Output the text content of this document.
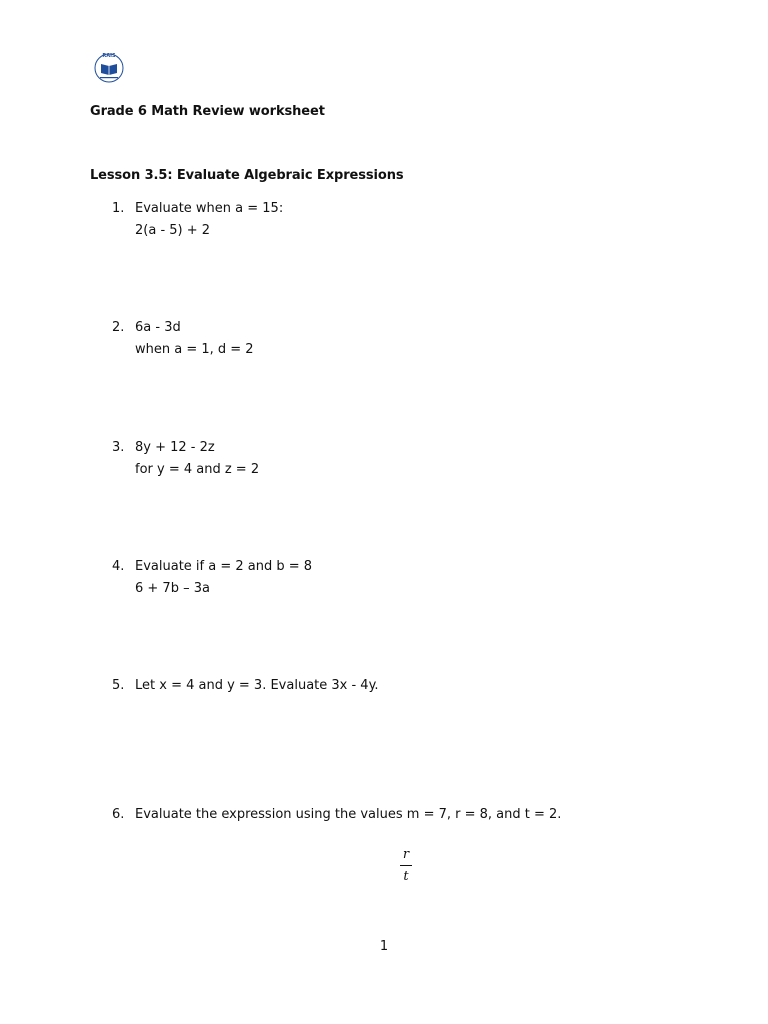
RAIS
Grade 6 Math Review worksheet
Lesson 3.5: Evaluate Algebraic Expressions
1. Evaluate when a = 15:
2(a - 5) + 2
2. 6a - 3d
when a = 1, d = 2
3. 8y + 12 - 2z
for y = 4 and z = 2
4. Evaluate if a = 2 and b = 8
6 + 7b – 3a
5. Let x = 4 and y = 3. Evaluate 3x - 4y.
6. Evaluate the expression using the values m = 7, r = 8, and t = 2.
r
t
1
